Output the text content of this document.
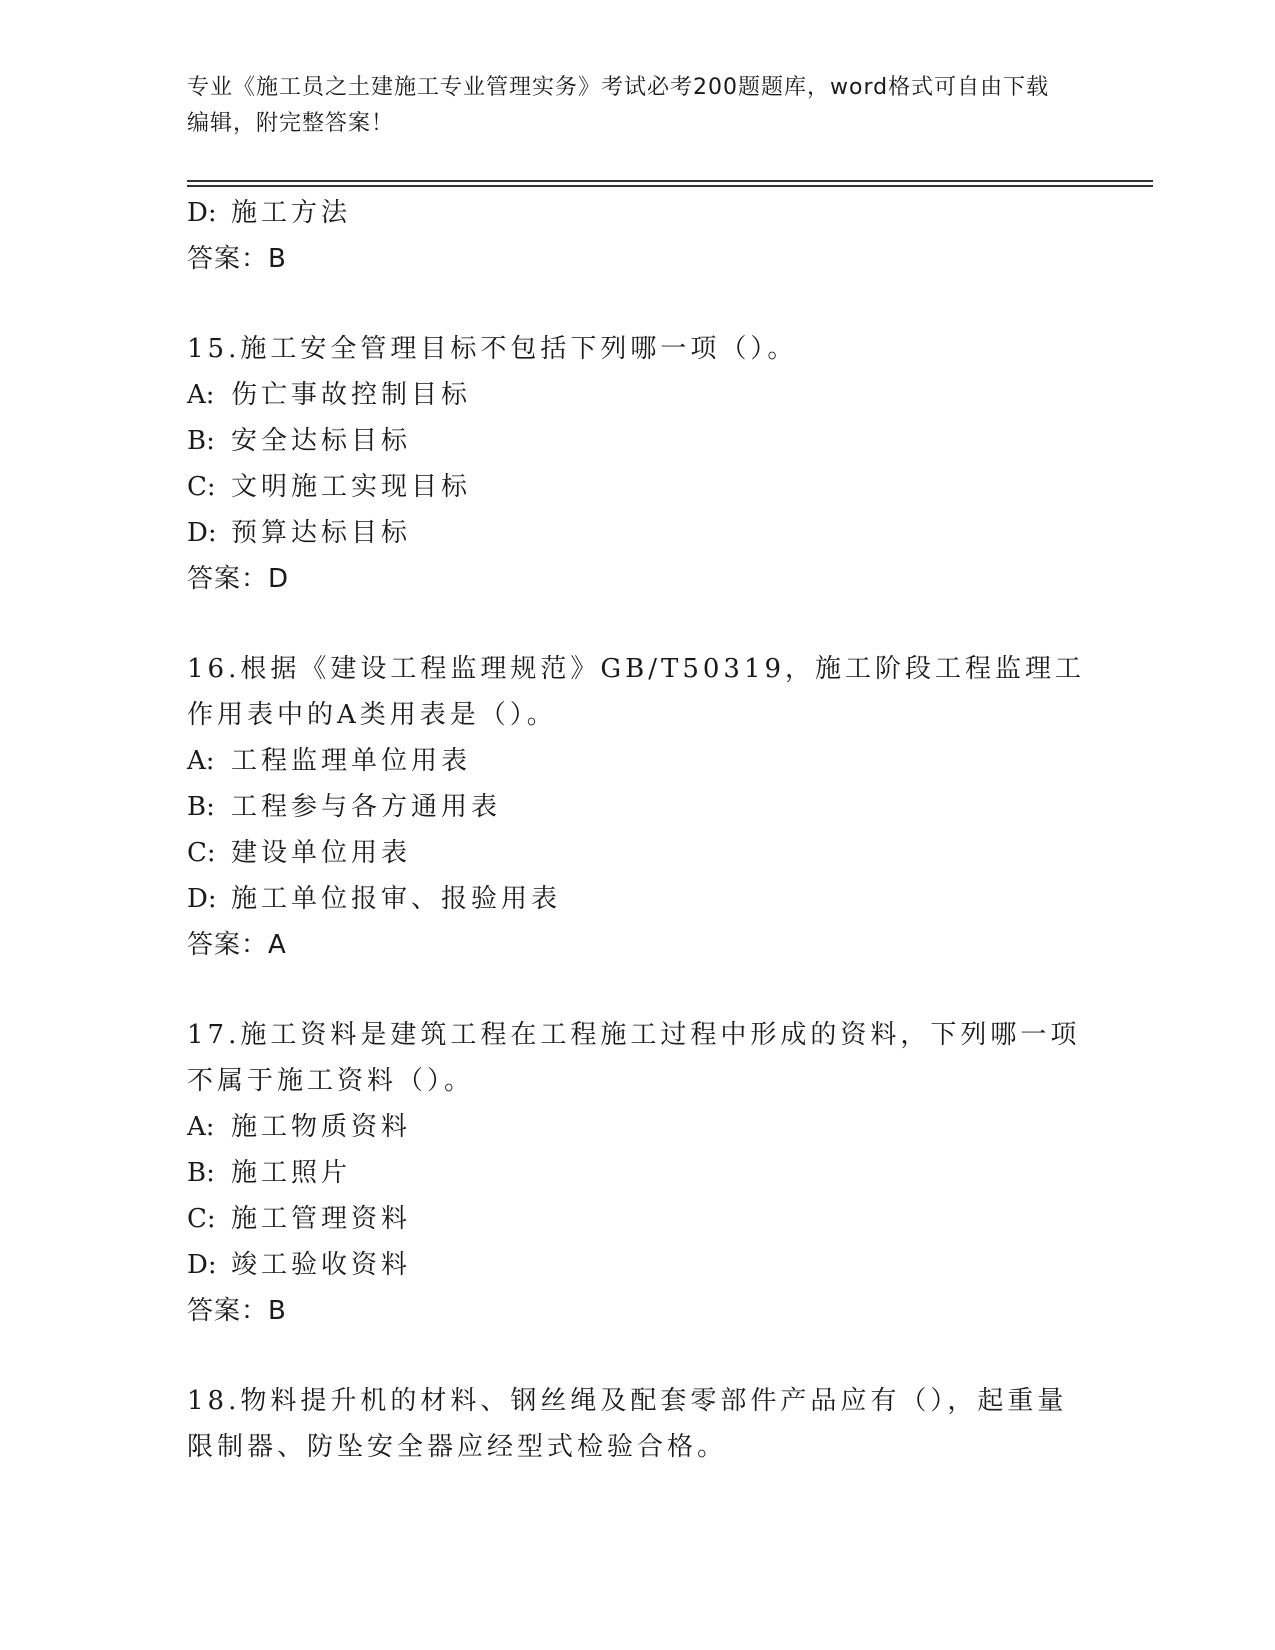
专业《施工员之土建施工专业管理实务》考试必考200题题库，word格式可自由下载编辑，附完整答案！
D: 施工方法
答案：B
15.施工安全管理目标不包括下列哪一项（）。
A: 伤亡事故控制目标
B: 安全达标目标
C: 文明施工实现目标
D: 预算达标目标
答案：D
16.根据《建设工程监理规范》GB/T50319，施工阶段工程监理工作用表中的A类用表是（）。
A: 工程监理单位用表
B: 工程参与各方通用表
C: 建设单位用表
D: 施工单位报审、报验用表
答案：A
17.施工资料是建筑工程在工程施工过程中形成的资料，下列哪一项不属于施工资料（）。
A: 施工物质资料
B: 施工照片
C: 施工管理资料
D: 竣工验收资料
答案：B
18.物料提升机的材料、钢丝绳及配套零部件产品应有（），起重量限制器、防坠安全器应经型式检验合格。
